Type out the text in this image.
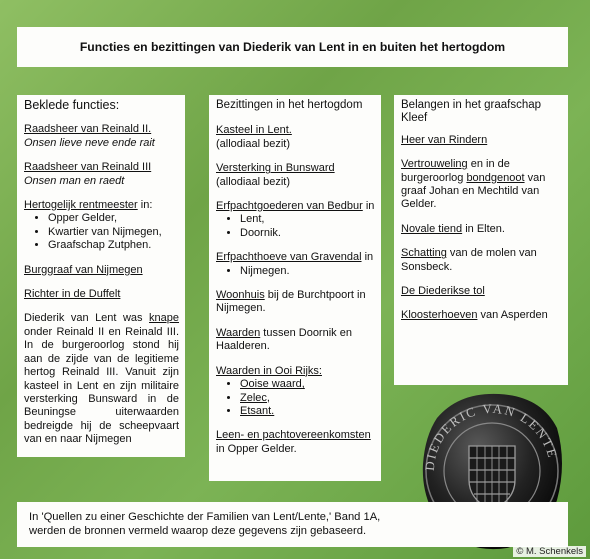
Functies en bezittingen van Diederik van Lent in en buiten het hertogdom
Beklede functies:
Raadsheer van Reinald II.
Onsen lieve neve ende rait
Raadsheer van Reinald III
Onsen man en raedt
Hertogelijk rentmeester in:
• Opper Gelder,
• Kwartier van Nijmegen,
• Graafschap Zutphen.
Burggraaf van Nijmegen
Richter in de Duffelt
Diederik van Lent was knape onder Reinald II en Reinald III. In de burgeroorlog stond hij aan de zijde van de legitieme hertog Reinald III. Vanuit zijn kasteel in Lent en zijn militaire versterking Bunsward in de Beuningse uiterwaarden bedreigde hij de scheepvaart van en naar Nijmegen
Bezittingen in het hertogdom
Kasteel in Lent.
(allodiaal bezit)
Versterking in Bunsward
(allodiaal bezit)
Erfpachtgoederen van Bedbur in
• Lent,
• Doornik.
Erfpachthoeve van Gravendal in
• Nijmegen.
Woonhuis bij de Burchtpoort in Nijmegen.
Waarden tussen Doornik en Haalderen.
Waarden in Ooi Rijks:
• Ooise waard,
• Zelec,
• Etsant.
Leen- en pachtovereenkomsten in Opper Gelder.
Belangen in het graafschap Kleef
Heer van Rindern
Vertrouweling en in de burgeroorlog bondgenoot van graaf Johan en Mechtild van Gelder.
Novale tiend in Elten.
Schatting van de molen van Sonsbeck.
De Diederikse tol
Kloosterhoeven van Asperden
DIEDERIC VAN LENTE
In 'Quellen zu einer Geschichte der Familien van Lent/Lente,' Band 1A,
werden de bronnen vermeld waarop deze gegevens zijn gebaseerd.
© M. Schenkels
